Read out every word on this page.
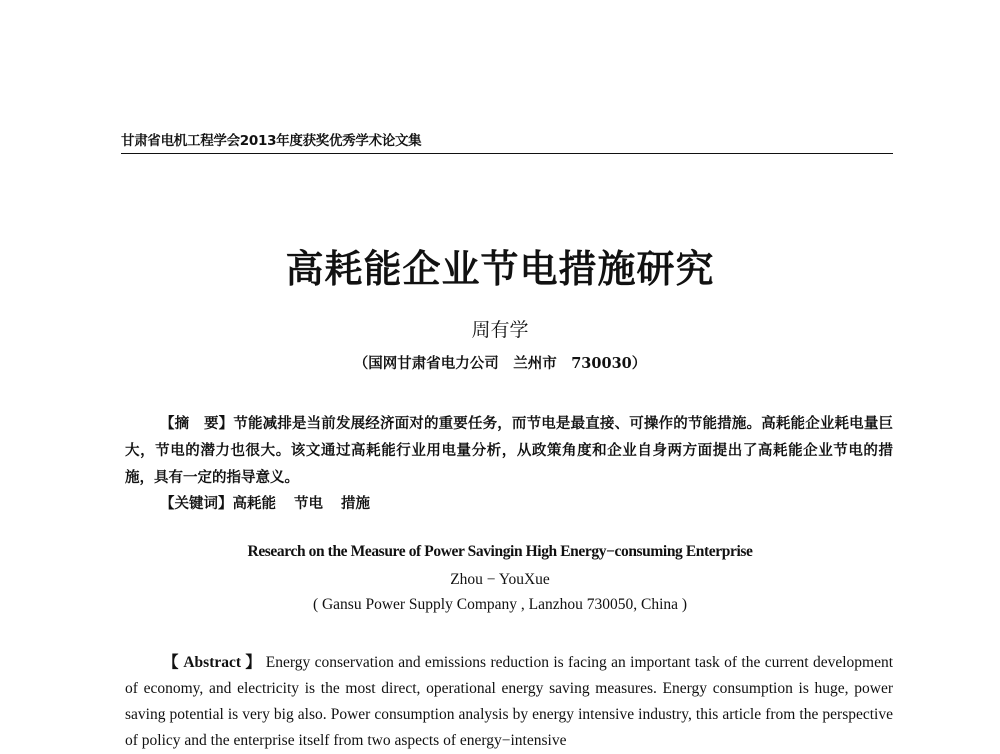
甘肃省电机工程学会2013年度获奖优秀学术论文集
高耗能企业节电措施研究
周有学
（国网甘肃省电力公司　兰州市　730030）
【摘　要】节能减排是当前发展经济面对的重要任务，而节电是最直接、可操作的节能措施。高耗能企业耗电量巨大，节电的潜力也很大。该文通过高耗能行业用电量分析，从政策角度和企业自身两方面提出了高耗能企业节电的措施，具有一定的指导意义。
【关键词】高耗能 节电 措施
Research on the Measure of Power Savingin High Energy−consuming Enterprise
Zhou − YouXue
( Gansu Power Supply Company , Lanzhou 730050, China )
【 Abstract 】 Energy conservation and emissions reduction is facing an important task of the current development of economy, and electricity is the most direct, operational energy saving measures. Energy consumption is huge, power saving potential is very big also. Power consumption analysis by energy intensive industry, this article from the perspective of policy and the enterprise itself from two aspects of energy−intensive
